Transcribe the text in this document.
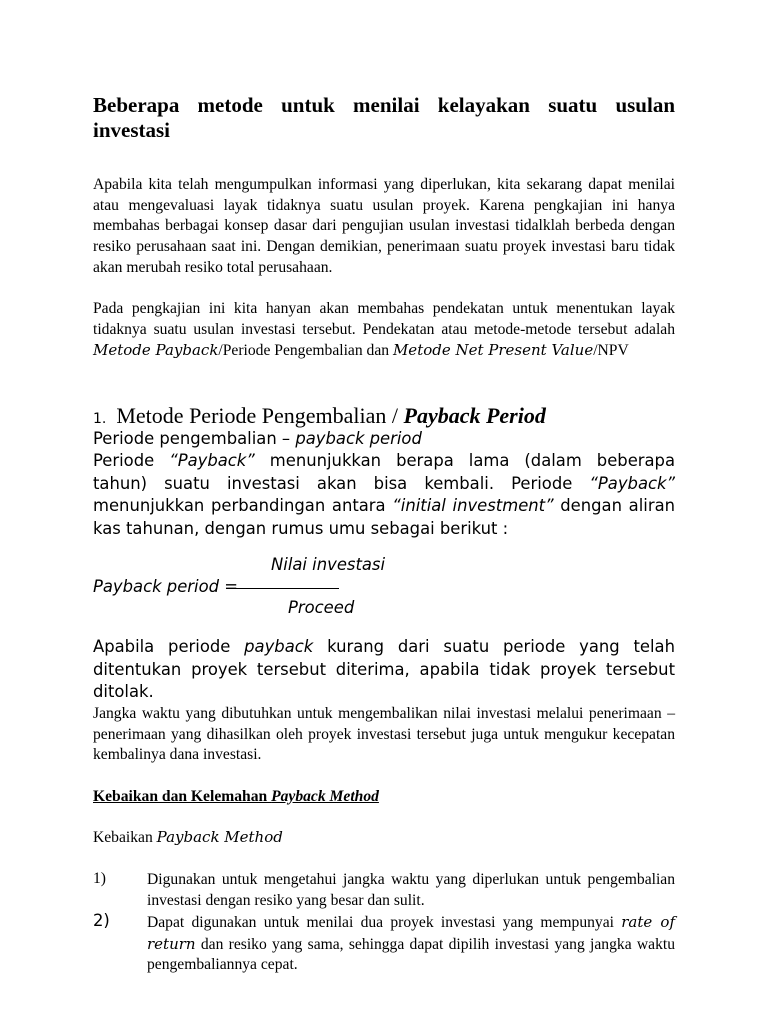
Beberapa metode untuk menilai kelayakan suatu usulan investasi
Apabila kita telah mengumpulkan informasi yang diperlukan, kita sekarang dapat menilai atau mengevaluasi layak tidaknya suatu usulan proyek. Karena pengkajian ini hanya membahas berbagai konsep dasar dari pengujian usulan investasi tidalklah berbeda dengan resiko perusahaan saat ini. Dengan demikian, penerimaan suatu proyek investasi baru tidak akan merubah resiko total perusahaan.
Pada pengkajian ini kita hanyan akan membahas pendekatan untuk menentukan layak tidaknya suatu usulan investasi tersebut. Pendekatan atau metode-metode tersebut adalah Metode Payback/Periode Pengembalian dan Metode Net Present Value/NPV
1. Metode Periode Pengembalian / Payback Period
Periode pengembalian – payback period
Periode “Payback” menunjukkan berapa lama (dalam beberapa tahun) suatu investasi akan bisa kembali. Periode “Payback” menunjukkan perbandingan antara “initial investment” dengan aliran kas tahunan, dengan rumus umu sebagai berikut :
Nilai investasi
Payback period =
Proceed
Apabila periode payback kurang dari suatu periode yang telah ditentukan proyek tersebut diterima, apabila tidak proyek tersebut ditolak.
Jangka waktu yang dibutuhkan untuk mengembalikan nilai investasi melalui penerimaan – penerimaan yang dihasilkan oleh proyek investasi tersebut juga untuk mengukur kecepatan kembalinya dana investasi.
Kebaikan dan Kelemahan Payback Method
Kebaikan Payback Method
1)	Digunakan untuk mengetahui jangka waktu yang diperlukan untuk pengembalian investasi dengan resiko yang besar dan sulit.
2) Dapat digunakan untuk menilai dua proyek investasi yang mempunyai rate of return dan resiko yang sama, sehingga dapat dipilih investasi yang jangka waktu pengembaliannya cepat.
